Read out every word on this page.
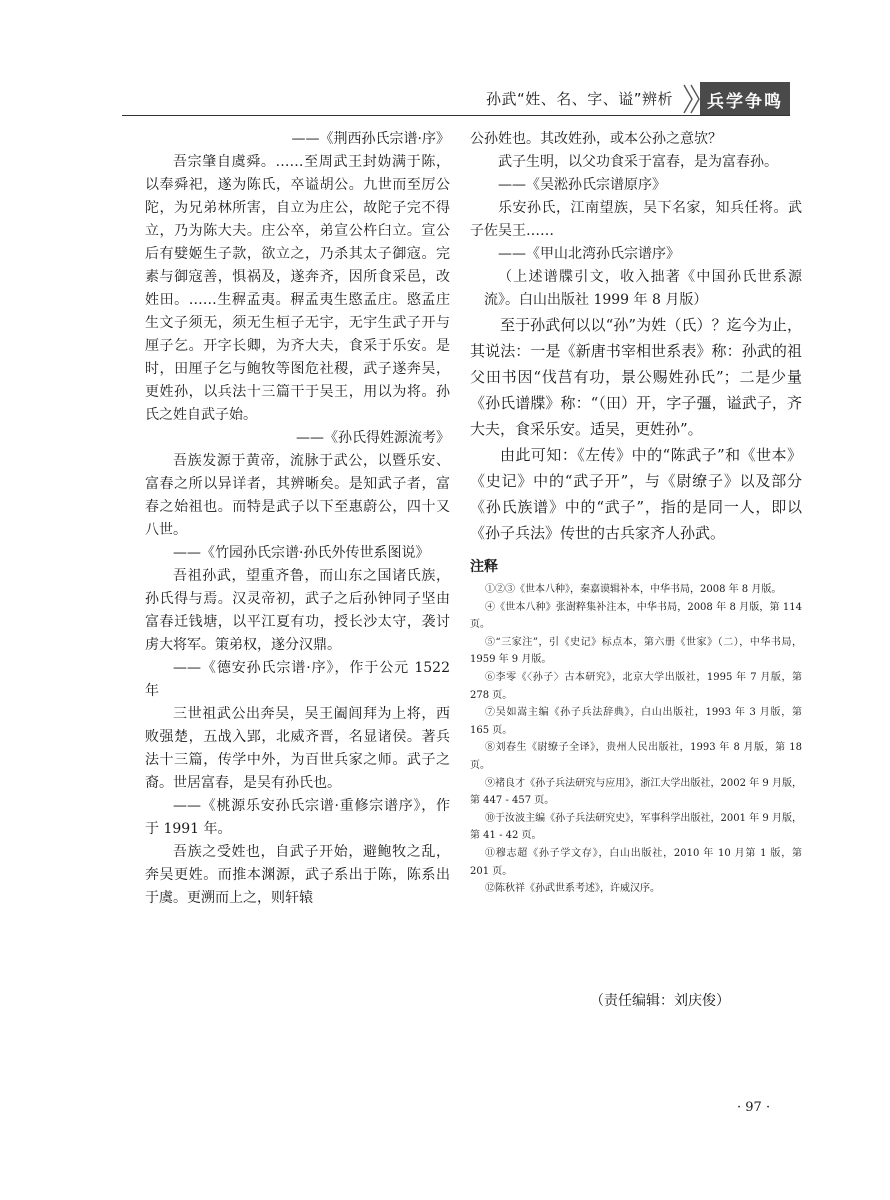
孙武“姓、名、字、谥”辨析	兵学争鸣

——《荆西孙氏宗谱·序》

吾宗肇自虞舜。……至周武王封妫满于陈，以奉舜祀，遂为陈氏，卒谥胡公。九世而至厉公陀，为兄弟林所害，自立为庄公，故陀子完不得立，乃为陈大夫。庄公卒，弟宣公杵臼立。宣公后有嬖姬生子款，欲立之，乃杀其太子御寇。完素与御寇善，惧祸及，遂奔齐，因所食采邑，改姓田。……生稺孟夷。稺孟夷生愍孟庄。愍孟庄生文子须无，须无生桓子无宇，无宇生武子开与厘子乞。开字长卿，为齐大夫，食采于乐安。是时，田厘子乞与鲍牧等图危社稷，武子遂奔吴，更姓孙，以兵法十三篇干于吴王，用以为将。孙氏之姓自武子始。

——《孙氏得姓源流考》

吾族发源于黄帝，流脉于武公，以暨乐安、富春之所以异详者，其辨晰矣。是知武子者，富春之始祖也。而特是武子以下至惠蔚公，四十又八世。

——《竹园孙氏宗谱·孙氏外传世系图说》

吾祖孙武，望重齐鲁，而山东之国诸氏族，孙氏得与焉。汉灵帝初，武子之后孙钟同子坚由富春迁钱塘，以平江夏有功，授长沙太守，袭讨虏大将军。策弟权，遂分汉鼎。

——《德安孙氏宗谱·序》，作于公元 1522 年

三世祖武公出奔吴，吴王阖闾拜为上将，西败强楚，五战入郢，北威齐晋，名显诸侯。著兵法十三篇，传学中外，为百世兵家之师。武子之裔。世居富春，是吴有孙氏也。

——《桃源乐安孙氏宗谱·重修宗谱序》，作于 1991 年。

吾族之受姓也，自武子开始，避鲍牧之乱，奔吴更姓。而推本渊源，武子系出于陈，陈系出于虞。更溯而上之，则轩辕

公孙姓也。其改姓孙，或本公孙之意欤？

武子生明，以父功食采于富春，是为富春孙。

——《吴淞孙氏宗谱原序》

乐安孙氏，江南望族，吴下名家，知兵任将。武子佐吴王……

——《甲山北湾孙氏宗谱序》

（上述谱牒引文，收入拙著《中国孙氏世系源流》。白山出版社 1999 年 8 月版）

至于孙武何以以“孙”为姓（氏）？迄今为止，其说法：一是《新唐书宰相世系表》称：孙武的祖父田书因“伐莒有功，景公赐姓孙氏”；二是少量《孙氏谱牒》称：“（田）开，字子彊，谥武子，齐大夫，食采乐安。适吴，更姓孙”。

由此可知：《左传》中的“陈武子”和《世本》《史记》中的“武子开”，与《尉缭子》以及部分《孙氏族谱》中的“武子”，指的是同一人，即以《孙子兵法》传世的古兵家齐人孙武。

注释

①②③《世本八种》，秦嘉谟辑补本，中华书局，2008 年 8 月版。

④《世本八种》张澍粹集补注本，中华书局，2008 年 8 月版，第 114 页。

⑤“三家注”，引《史记》标点本，第六册《世家》（二），中华书局，1959 年 9 月版。

⑥李零《〈孙子〉古本研究》，北京大学出版社，1995 年 7 月版，第 278 页。

⑦吴如嵩主编《孙子兵法辞典》，白山出版社，1993 年 3 月版，第 165 页。

⑧刘春生《尉缭子全译》，贵州人民出版社，1993 年 8 月版，第 18 页。

⑨褚良才《孙子兵法研究与应用》，浙江大学出版社，2002 年 9 月版，第 447 - 457 页。

⑩于汝波主编《孙子兵法研究史》，军事科学出版社，2001 年 9 月版，第 41 - 42 页。

⑪穆志超《孙子学文存》，白山出版社，2010 年 10 月第 1 版，第 201 页。

⑫陈秋祥《孙武世系考述》，许威汉序。

（责任编辑：刘庆俊）
· 97 ·
